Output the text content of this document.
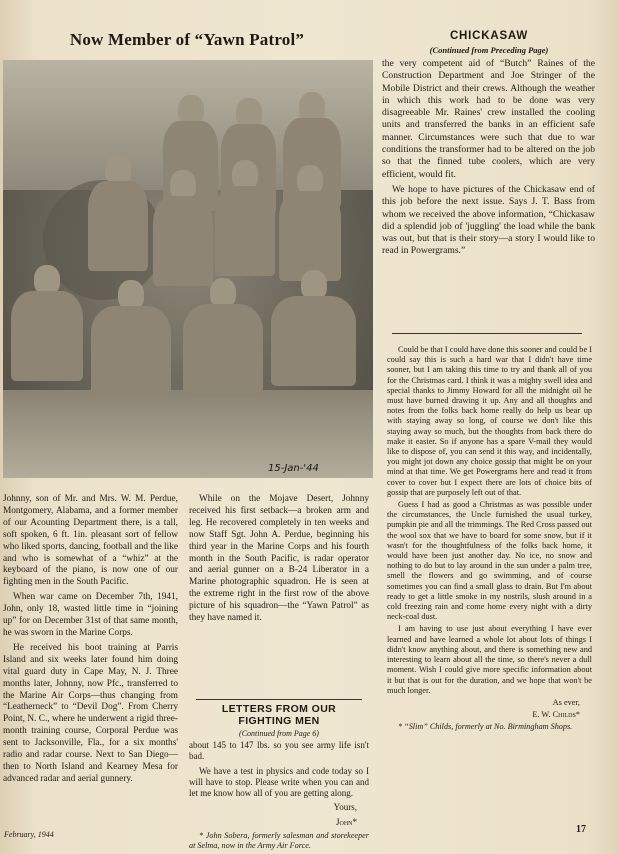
Now Member of “Yawn Patrol”
15-Jan-'44

Johnny, son of Mr. and Mrs. W. M. Perdue, Montgomery, Alabama, and a former member of our Acounting Department there, is a tall, soft spoken, 6 ft. 1in. pleasant sort of fellow who liked sports, dancing, football and the like and who is somewhat of a “whiz” at the keyboard of the piano, is now one of our fighting men in the South Pacific.

When war came on December 7th, 1941, John, only 18, wasted little time in “joining up” for on December 31st of that same month, he was sworn in the Marine Corps.

He received his boot training at Parris Island and six weeks later found him doing vital guard duty in Cape May, N. J. Three months later, Johnny, now Pfc., transferred to the Marine Air Corps—thus changing from “Leatherneck” to “Devil Dog”. From Cherry Point, N. C., where he underwent a rigid three-month training course, Corporal Perdue was sent to Jacksonville, Fla., for a six months' radio and radar course. Next to San Diego—then to North Island and Kearney Mesa for advanced radar and aerial gunnery.

While on the Mojave Desert, Johnny received his first setback—a broken arm and leg. He recovered completely in ten weeks and now Staff Sgt. John A. Perdue, beginning his third year in the Marine Corps and his fourth month in the South Pacific, is radar operator and aerial gunner on a B-24 Liberator in a Marine photographic squadron. He is seen at the extreme right in the first row of the above picture of his squadron—the “Yawn Patrol” as they have named it.

LETTERS FROM OUR FIGHTING MEN
(Continued from Page 6)

about 145 to 147 lbs. so you see army life isn't bad.

We have a test in physics and code today so I will have to stop. Please write when you can and let me know how all of you are getting along.

Yours,

John*

* John Sobera, formerly salesman and storekeeper at Selma, now in the Army Air Force.

CHICKASAW
(Continued from Preceding Page)

the very competent aid of “Butch” Raines of the Construction Department and Joe Stringer of the Mobile District and their crews. Although the weather in which this work had to be done was very disagreeable Mr. Raines' crew installed the cooling units and transferred the banks in an efficient safe manner. Circumstances were such that due to war conditions the transformer had to be altered on the job so that the finned tube coolers, which are very efficient, would fit.

We hope to have pictures of the Chickasaw end of this job before the next issue. Says J. T. Bass from whom we received the above information, “Chickasaw did a splendid job of 'juggling' the load while the bank was out, but that is their story—a story I would like to read in Powergrams.”

Could be that I could have done this sooner and could be I could say this is such a hard war that I didn't have time sooner, but I am taking this time to try and thank all of you for the Christmas card. I think it was a mighty swell idea and special thanks to Jimmy Howard for all the midnight oil he must have burned drawing it up. Any and all thoughts and notes from the folks back home really do help us bear up with staying away so long, of course we don't like this staying away so much, but the thoughts from back there do make it easier. So if anyone has a spare V-mail they would like to dispose of, you can send it this way, and incidentally, you might jot down any choice gossip that might be on your mind at that time. We get Powergrams here and read it from cover to cover but I expect there are lots of choice bits of gossip that are purposely left out of that.

Guess I had as good a Christmas as was possible under the circumstances, the Uncle furnished the usual turkey, pumpkin pie and all the trimmings. The Red Cross passed out the wool sox that we have to board for some snow, but if it wasn't for the thoughtfulness of the folks back home, it would have been just another day. No ice, no snow and nothing to do but to lay around in the sun under a palm tree, smell the flowers and go swimming, and of course sometimes you can find a small glass to drain. But I'm about ready to get a little smoke in my nostrils, slush around in a cold freezing rain and come home every night with a dirty neck-coal dust.

I am having to use just about everything I have ever learned and have learned a whole lot about lots of things I didn't know anything about, and there is something new and interesting to learn about all the time, so there's never a dull moment. Wish I could give more specific information about it but that is out for the duration, and we hope that won't be much longer.

As ever,

E. W. Childs*

* “Slim” Childs, formerly at No. Birmingham Shops.

February, 1944	17
